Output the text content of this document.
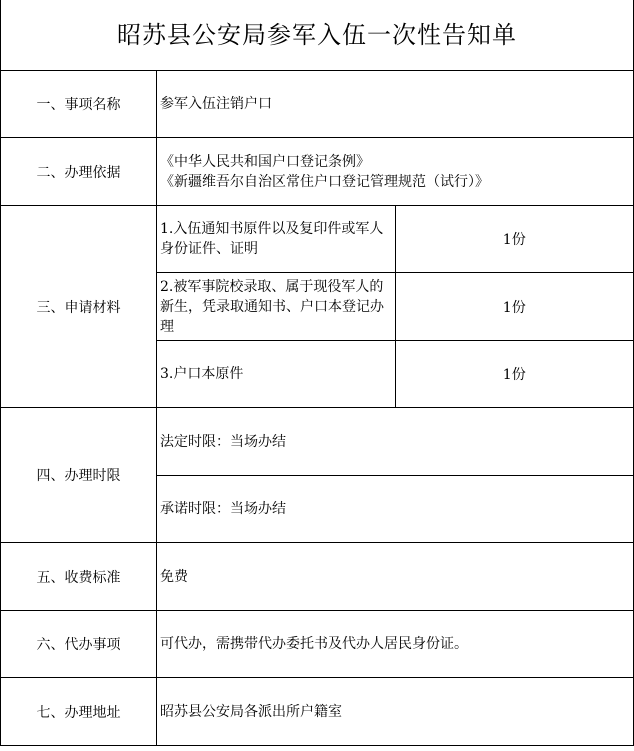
昭苏县公安局参军入伍一次性告知单
一、事项名称	参军入伍注销户口	
二、办理依据	《中华人民共和国户口登记条例》
《新疆维吾尔自治区常住户口登记管理规范（试行）》	

三、申请材料	1.入伍通知书原件以及复印件或军人身份证件、证明	1份
	2.被军事院校录取、属于现役军人的新生，凭录取通知书、户口本登记办理	1份
	3.户口本原件	1份
四、办理时限	法定时限：当场办结	
	承诺时限：当场办结	
五、收费标准	免费	
六、代办事项	可代办，需携带代办委托书及代办人居民身份证。	
七、办理地址	昭苏县公安局各派出所户籍室	
